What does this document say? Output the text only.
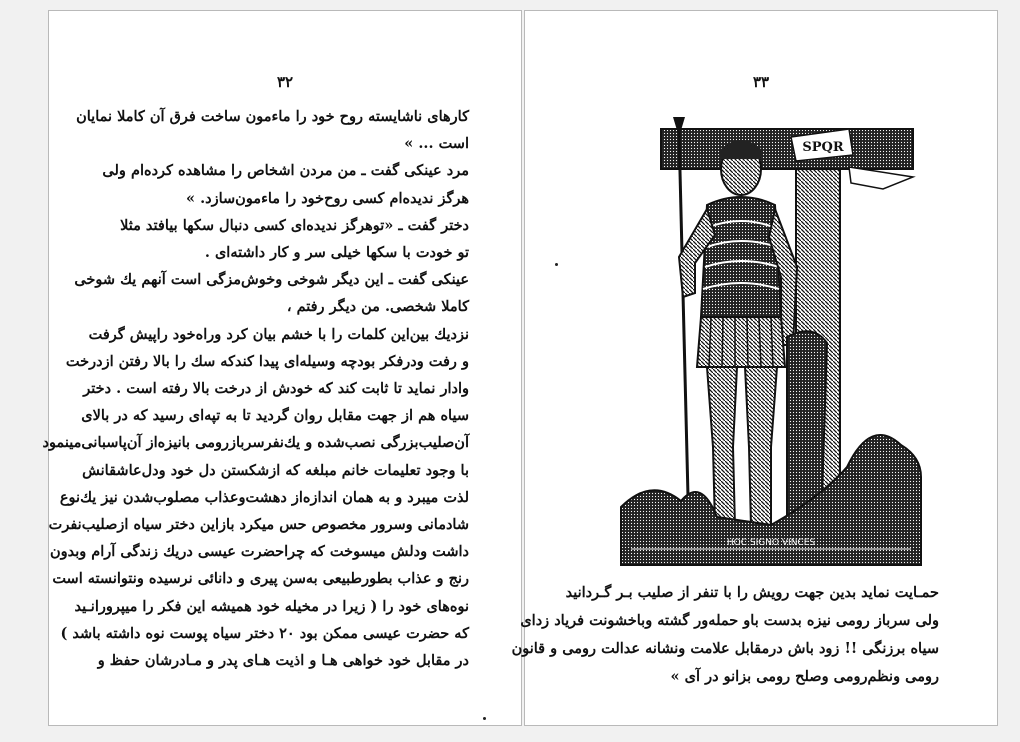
۳۲
کارهای ناشایسته روح خود را ماءمون ساخت فرق آن کاملا نمایان
است ... »
مرد عینکی گفت ـ من مردن اشخاص را مشاهده کرده‌ام ولی
هرگز ندیده‌ام کسی روح‌خود را ماءمون‌سازد. »
دختر گفت ـ «توهرگز ندیده‌ای کسی دنبال سکها بیافتد مثلا
تو خودت با سکها خیلی سر و کار داشته‌ای .
عینکی گفت ـ این دیگر شوخی وخوش‌مزگی است آنهم یك شوخی
کاملا شخصی. من دیگر رفتم ،
نزدیك بین‌این کلمات را با خشم بیان کرد وراه‌خود راپیش گرفت
و رفت ودرفکر بودچه وسیله‌ای پیدا کندکه سك را بالا رفتن ازدرخت
وادار نماید تا ثابت کند که خودش از درخت بالا رفته است . دختر
سیاه هم از جهت مقابل روان گردید تا به تپه‌ای رسید که در بالای
آن‌صلیب‌بزرگی نصب‌شده و یك‌نفرسربازرومی بانیزه‌از آن‌پاسبانی‌مینمود
با وجود تعلیمات خانم مبلغه که ازشکستن دل خود ودل‌عاشقانش
لذت میبرد و به همان اندازه‌از دهشت‌وعذاب مصلوب‌شدن نیز یك‌نوع
شادمانی وسرور مخصوص حس میکرد بازاین دختر سیاه ازصلیب‌نفرت
داشت ودلش میسوخت که چراحضرت عیسی دریك زندگی آرام وبدون
رنج و عذاب بطورطبیعی به‌سن پیری و دانائی نرسیده ونتوانسته است
نوه‌های خود را ( زیرا در مخیله خود همیشه این فکر را میپرورانـید
که حضرت عیسی ممکن بود ۲۰ دختر سیاه پوست نوه داشته باشد )
در مقابل خود خواهی هـا و اذیت هـای پدر و مـادرشان حفظ و
۳۳
SPQR
HOC SIGNO VINCES
حمـایت نماید بدین جهت رویش را با تنفر از صلیب بـر گـردانید
ولی سرباز رومی نیزه بدست باو حمله‌ور گشته وباخشونت فریاد زد‌ای
سیاه برزنگی !! زود باش درمقابل علامت ونشانه عدالت رومی و قانون
رومی ونظم‌رومی وصلح رومی بزانو در آی »
